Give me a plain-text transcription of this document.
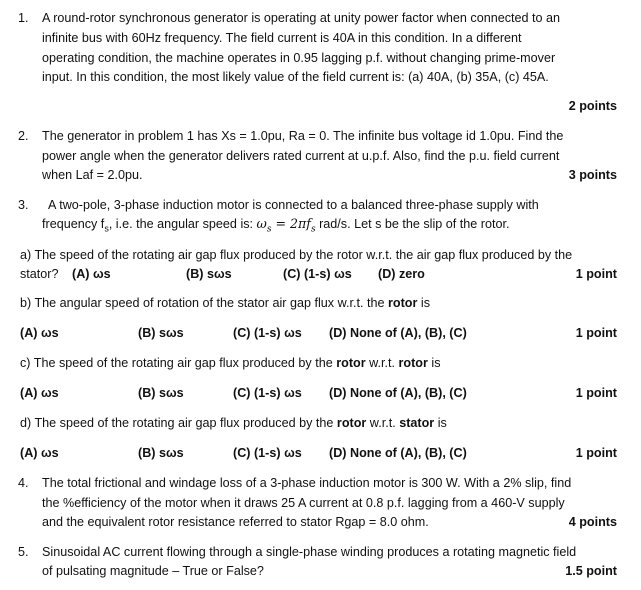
1. A round-rotor synchronous generator is operating at unity power factor when connected to an
infinite bus with 60Hz frequency. The field current is 40A in this condition. In a different
operating condition, the machine operates in 0.95 lagging p.f. without changing prime-mover
input. In this condition, the most likely value of the field current is: (a) 40A, (b) 35A, (c) 45A.
2 points
2. The generator in problem 1 has Xs = 1.0pu, Ra = 0. The infinite bus voltage id 1.0pu. Find the
power angle when the generator delivers rated current at u.p.f. Also, find the p.u. field current
when Laf = 2.0pu.	3 points
3. A two-pole, 3-phase induction motor is connected to a balanced three-phase supply with
frequency $f_s$, i.e. the angular speed is: $\omega_s = 2\pi f_s$ rad/s. Let s be the slip of the rotor.
a) The speed of the rotating air gap flux produced by the rotor w.r.t. the air gap flux produced by the
stator? (A) ωs	(B) sωs	(C) (1-s) ωs (D) zero	1 point
b) The angular speed of rotation of the stator air gap flux w.r.t. the rotor is
(A) ωs	(B) sωs	(C) (1-s) ωs (D) None of (A), (B), (C)	1 point
c) The speed of the rotating air gap flux produced by the rotor w.r.t. rotor is
(A) ωs	(B) sωs	(C) (1-s) ωs (D) None of (A), (B), (C)	1 point
d) The speed of the rotating air gap flux produced by the rotor w.r.t. stator is
(A) ωs	(B) sωs	(C) (1-s) ωs (D) None of (A), (B), (C)	1 point
4. The total frictional and windage loss of a 3-phase induction motor is 300 W. With a 2% slip, find
the %efficiency of the motor when it draws 25 A current at 0.8 p.f. lagging from a 460-V supply
and the equivalent rotor resistance referred to stator Rgap = 8.0 ohm.	4 points
5. Sinusoidal AC current flowing through a single-phase winding produces a rotating magnetic field
of pulsating magnitude – True or False?	1.5 point
